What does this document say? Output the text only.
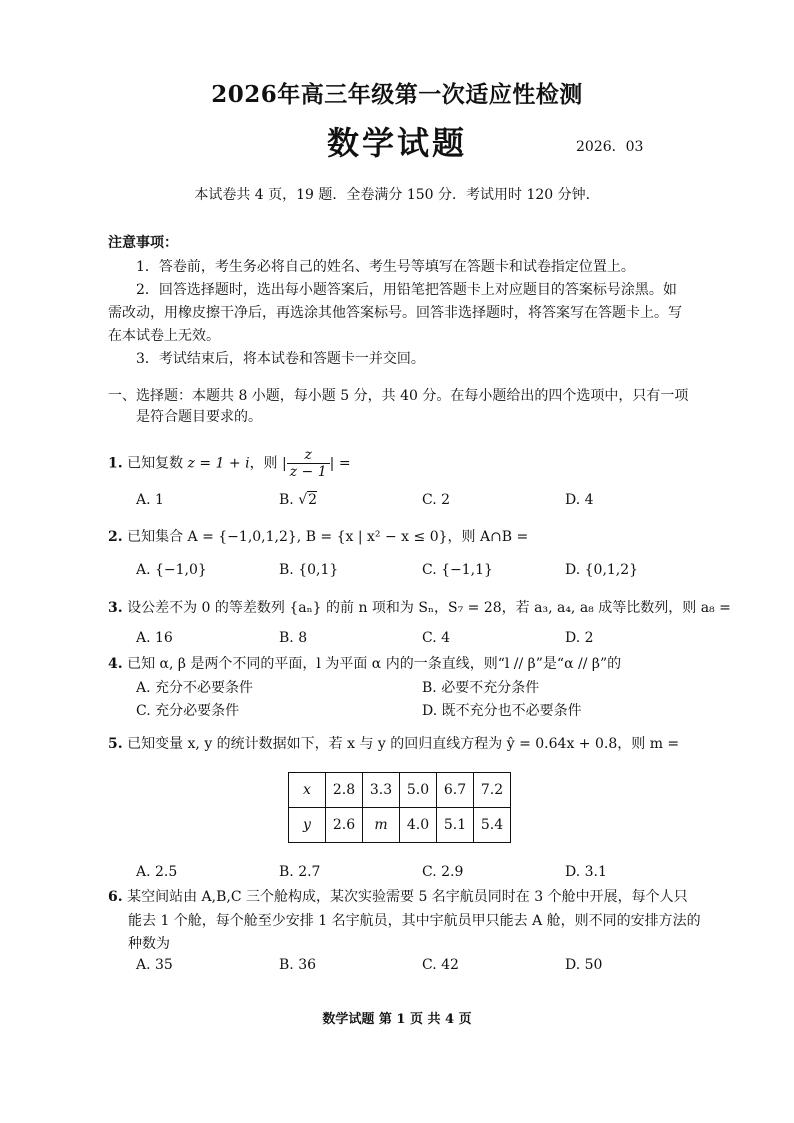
2026年高三年级第一次适应性检测
数学试题	2026．03
本试卷共 4 页，19 题．全卷满分 150 分．考试用时 120 分钟．
注意事项：
1．答卷前，考生务必将自己的姓名、考生号等填写在答题卡和试卷指定位置上。
2．回答选择题时，选出每小题答案后，用铅笔把答题卡上对应题目的答案标号涂黑。如
需改动，用橡皮擦干净后，再选涂其他答案标号。回答非选择题时，将答案写在答题卡上。写
在本试卷上无效。
3．考试结束后，将本试卷和答题卡一并交回。
一、选择题：本题共 8 小题，每小题 5 分，共 40 分。在每小题给出的四个选项中，只有一项
是符合题目要求的。
1. 已知复数 z = 1 + i，则 | $\frac{z}{z - 1}$ | =
A. 1	B. √2	C. 2	D. 4
2. 已知集合 A = {−1,0,1,2}, B = {x | x² − x ≤ 0}，则 A∩B =
A. {−1,0}	B. {0,1}	C. {−1,1}	D. {0,1,2}
3. 设公差不为 0 的等差数列 {aₙ} 的前 n 项和为 Sₙ，S₇ = 28，若 a₃, a₄, a₈ 成等比数列，则 a₈ =
A. 16	B. 8	C. 4	D. 2
4. 已知 α, β 是两个不同的平面，l 为平面 α 内的一条直线，则“l // β”是“α // β”的
A. 充分不必要条件	B. 必要不充分条件
C. 充分必要条件	D. 既不充分也不必要条件
5. 已知变量 x, y 的统计数据如下，若 x 与 y 的回归直线方程为 ŷ = 0.64x + 0.8，则 m =
x	2.8	3.3	5.0	6.7	7.2
y	2.6	m	4.0	5.1	5.4
A. 2.5	B. 2.7	C. 2.9	D. 3.1
6. 某空间站由 A,B,C 三个舱构成，某次实验需要 5 名宇航员同时在 3 个舱中开展，每个人只
能去 1 个舱，每个舱至少安排 1 名宇航员，其中宇航员甲只能去 A 舱，则不同的安排方法的
种数为
A. 35	B. 36	C. 42	D. 50
数学试题 第 1 页 共 4 页
